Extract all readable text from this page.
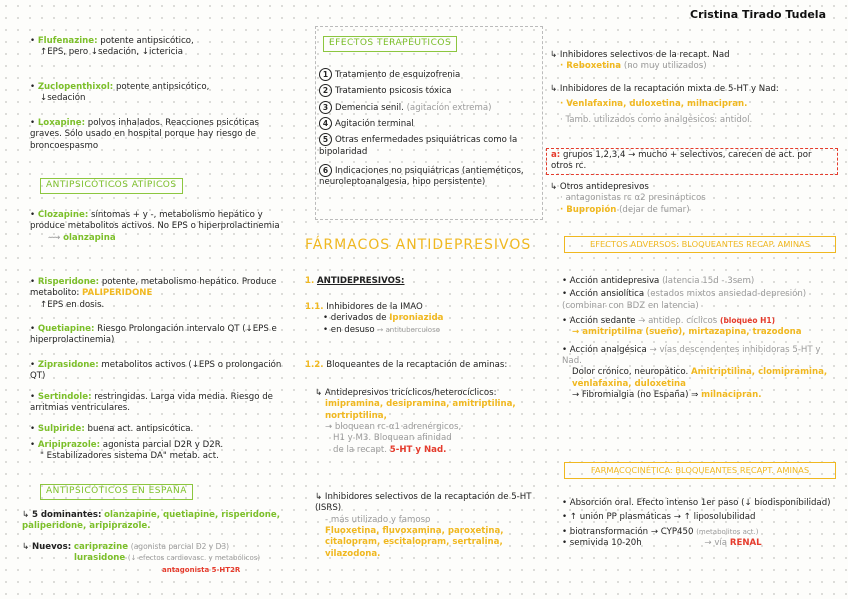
Cristina Tirado Tudela

• Flufenazine: potente antipsicótico,

↑EPS, pero ↓sedación, ↓ictericia

• Zuclopenthixol: potente antipsicótico,

↓sedación

• Loxapine: polvos inhalados. Reacciones psicóticas graves. Sólo usado en hospital porque hay riesgo de broncoespasmo

ANTIPSICÓTICOS ATÍPICOS

• Clozapine: síntomas + y -, metabolismo hepático y produce metabolitos activos. No EPS o hiperprolactinemia

⟿ olanzapina

• Risperidone: potente, metabolismo hepático. Produce metabolito: PALIPERIDONE

↑EPS en dosis.

• Quetiapine: Riesgo Prolongación intervalo QT (↓EPS e hiperprolactinemia)

• Ziprasidone: metabolitos activos (↓EPS o prolongación QT)

• Sertindole: restringidas. Larga vida media. Riesgo de arritmias ventriculares.

• Sulpiride: buena act. antipsicótica.

• Aripiprazole: agonista parcial D2R y D2R.

" Estabilizadores sistema DA" metab. act.

ANTIPSICÓTICOS EN ESPAÑA

↳ 5 dominantes: olanzapine, quetiapine, risperidone, paliperidone, aripiprazole.

↳ Nuevos: cariprazine (agonista parcial D2 y D3)

lurasidone (↓ efectos cardiovasc. y metabólicos)

antagonista 5-HT2R

EFECTOS TERAPÉUTICOS

1 Tratamiento de esquizofrenia

2 Tratamiento psicosis tóxica

3 Demencia senil. (agitación extrema)

4 Agitación terminal

5 Otras enfermedades psiquiátricas como la bipolaridad

6 Indicaciones no psiquiátricas (antieméticos, neuroleptoanalgesia, hipo persistente)

FÁRMACOS ANTIDEPRESIVOS

1. ANTIDEPRESIVOS:

1.1. Inhibidores de la IMAO

• derivados de Iproniazida

• en desuso → antituberculoso

1.2. Bloqueantes de la recaptación de aminas:

↳ Antidepresivos tricíclicos/heterocíclicos:

imipramina, desipramina, amitriptilina, nortriptilina,

→ bloquean rc-α1 adrenérgicos,

H1 y M3. Bloquean afinidad

de la recapt. 5-HT y Nad.

↳ Inhibidores selectivos de la recaptación de 5-HT (ISRS)

- más utilizado y famoso

Fluoxetina, fluvoxamina, paroxetina, citalopram, escitalopram, sertralina, vilazodona.

↳ Inhibidores selectivos de la recapt. Nad

· Reboxetina (no muy utilizados)

↳ Inhibidores de la recaptación mixta de 5-HT y Nad:

· Venlafaxina, duloxetina, milnacipran.

· Tamb. utilizados como analgésicos: antidol.

a: grupos 1,2,3,4 → mucho + selectivos, carecen de act. por otros rc.

↳ Otros antidepresivos

· antagonistas rc α2 presinápticos

· Bupropión (dejar de fumar)

EFECTOS ADVERSOS: BLOQUEANTES RECAP. AMINAS

• Acción antidepresiva (latencia 15d - 3sem)

• Acción ansiolítica (estados mixtos ansiedad-depresión) (combinar con BDZ en latencia)

• Acción sedante → antidep. cíclicos (bloqueo H1)

→ amitriptilina (sueño), mirtazapina, trazodona

• Acción analgésica → vías descendentes inhibidoras 5-HT y Nad.

Dolor crónico, neuropático. Amitriptilina, clomipramina, venlafaxina, duloxetina

→ Fibromialgia (no España) ⇒ milnacipran.

FARMACOCINÉTICA: BLOQUEANTES RECAPT. AMINAS

• Absorción oral. Efecto intenso 1er paso (↓ biodisponibilidad)

• ↑ unión PP plasmáticas → ↑ liposolubilidad

• biotransformación → CYP450 (metabolitos act.)

• semivida 10-20h	→ vía RENAL
